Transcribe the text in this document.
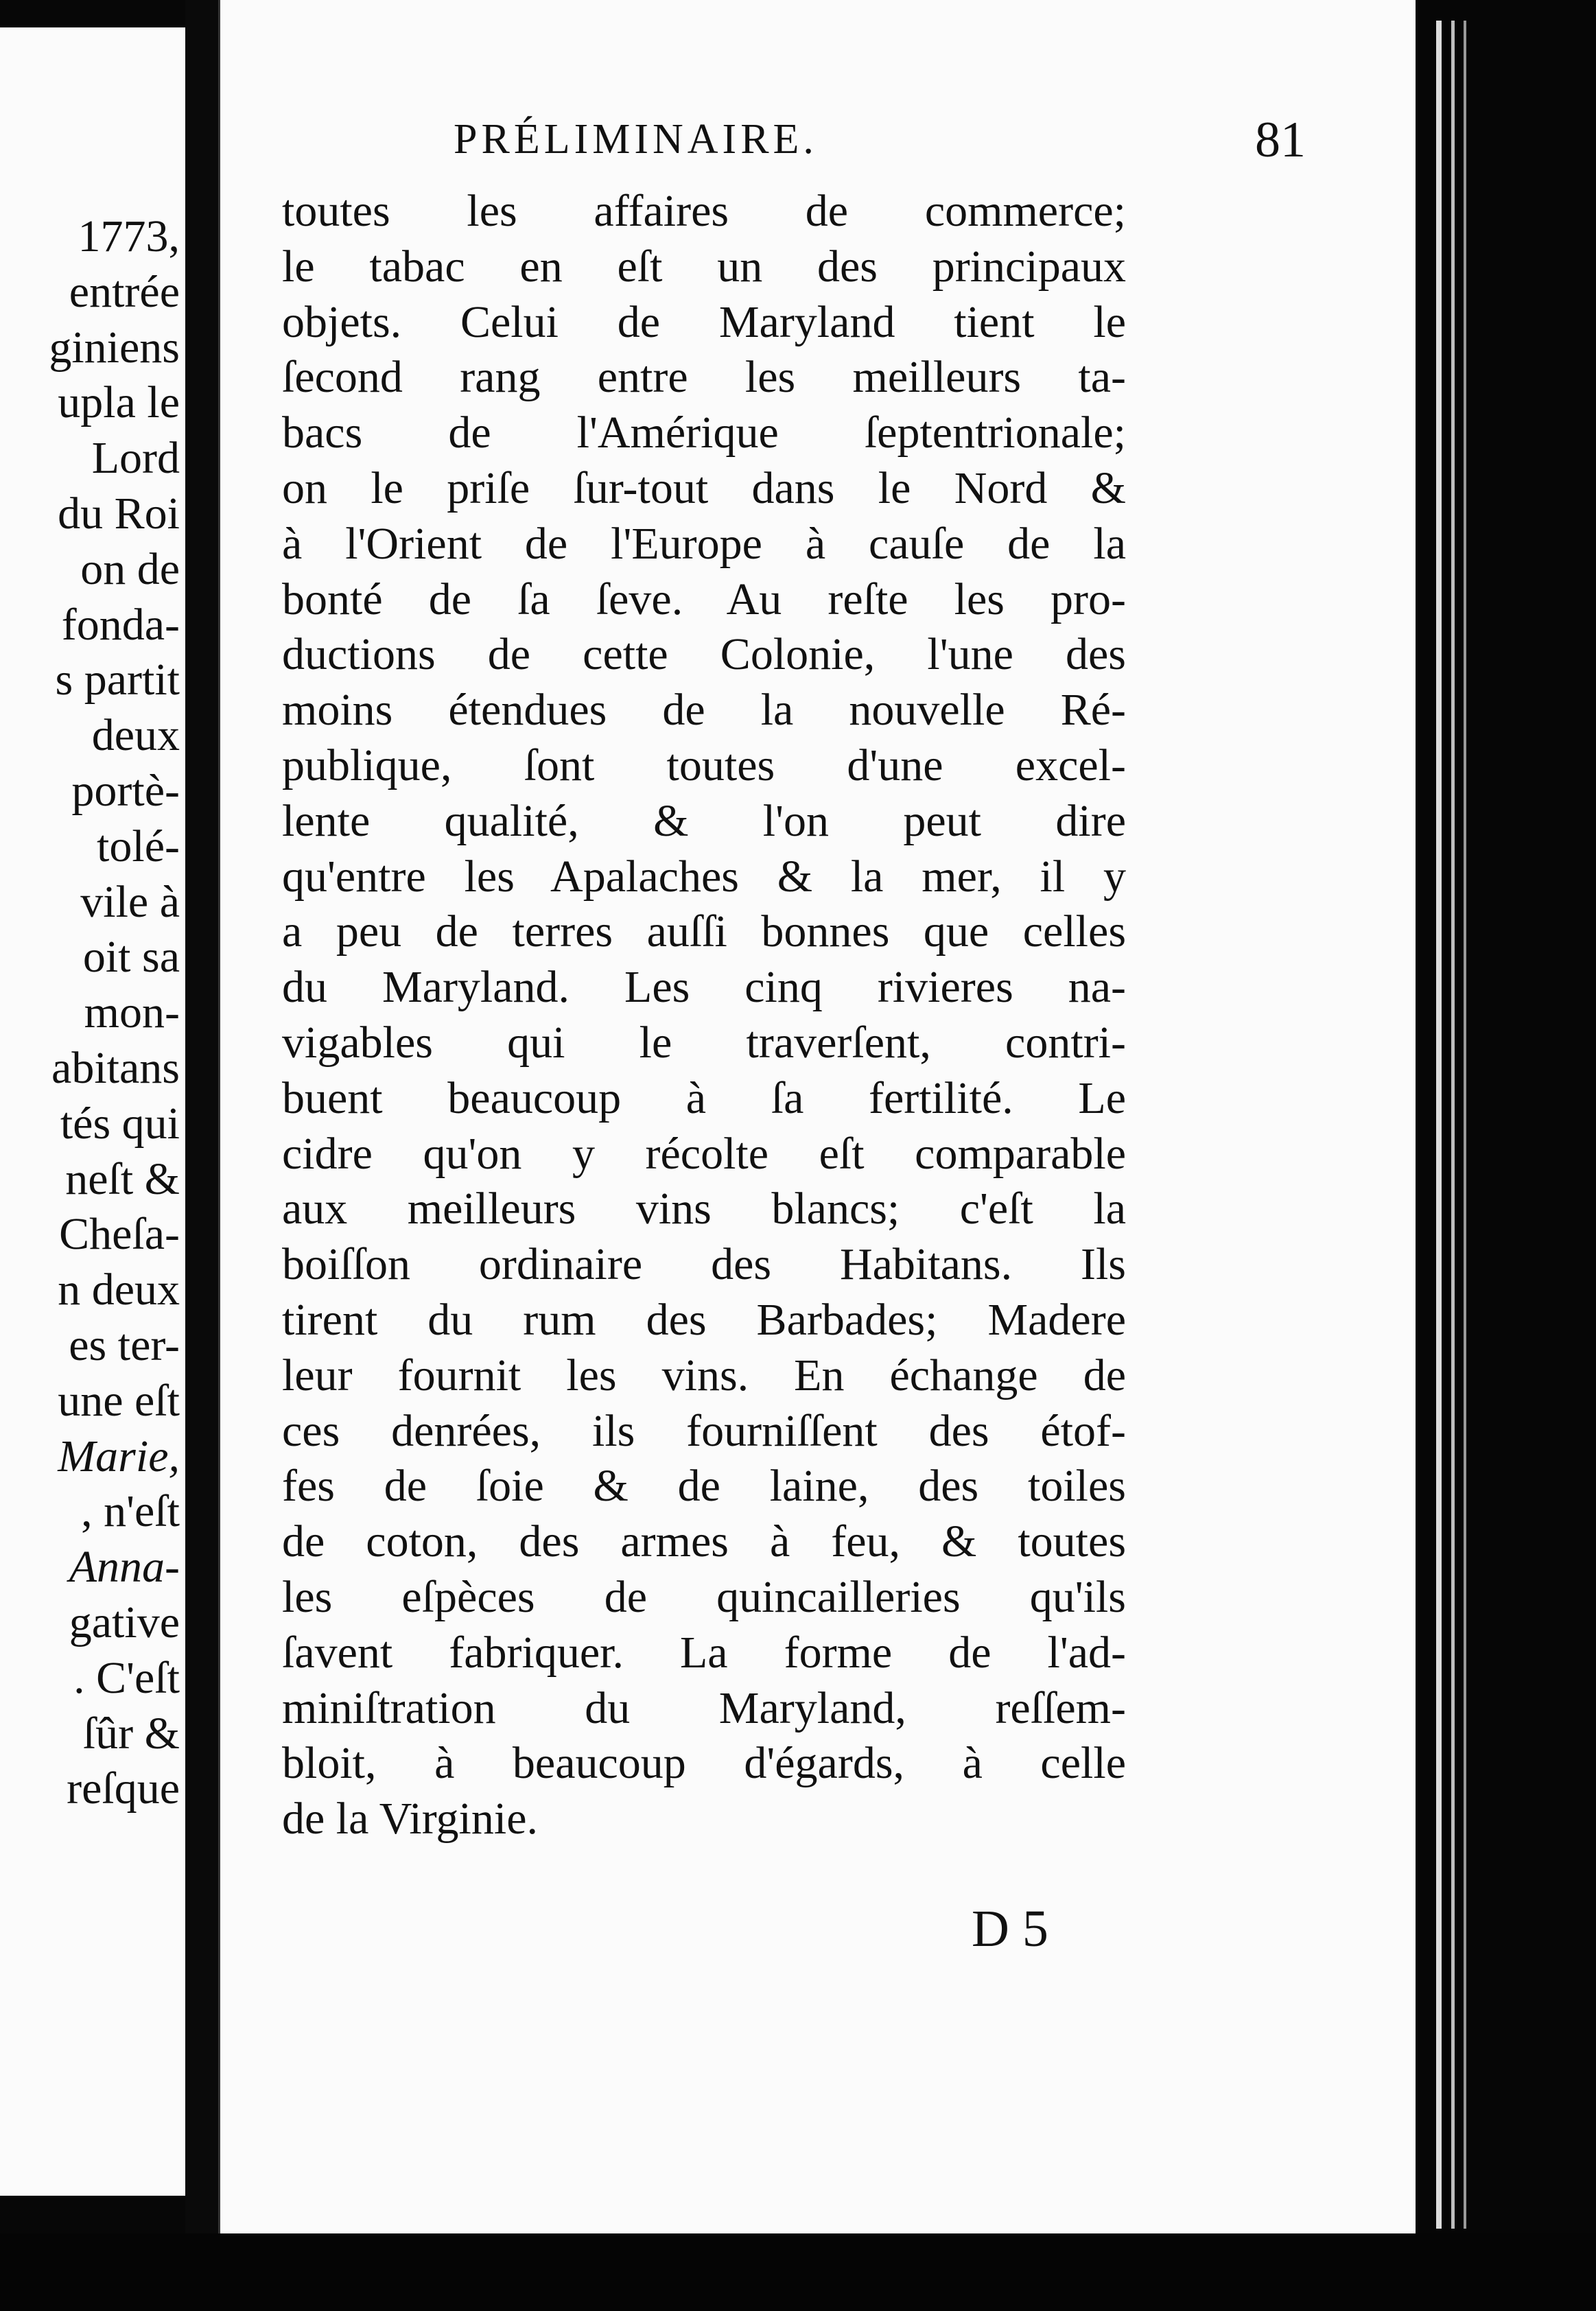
1773,
entrée
giniens
upla le
Lord
du Roi
on de
fonda-
s partit
deux
portè-
tolé-
vile à
oit sa
mon-
abitans
tés qui
neſt &
Cheſa-
n deux
es ter-
une eſt
Marie,
, n'eſt
Anna-
gative
. C'eſt
ſûr &
reſque
PRÉLIMINAIRE.	81
toutes les affaires de commerce;
le tabac en eſt un des principaux
objets. Celui de Maryland tient le
ſecond rang entre les meilleurs ta-
bacs de l'Amérique ſeptentrionale;
on le priſe ſur-tout dans le Nord &
à l'Orient de l'Europe à cauſe de la
bonté de ſa ſeve. Au reſte les pro-
ductions de cette Colonie, l'une des
moins étendues de la nouvelle Ré-
publique, ſont toutes d'une excel-
lente qualité, & l'on peut dire
qu'entre les Apalaches & la mer, il y
a peu de terres auſſi bonnes que celles
du Maryland. Les cinq rivieres na-
vigables qui le traverſent, contri-
buent beaucoup à ſa fertilité. Le
cidre qu'on y récolte eſt comparable
aux meilleurs vins blancs; c'eſt la
boiſſon ordinaire des Habitans. Ils
tirent du rum des Barbades; Madere
leur fournit les vins. En échange de
ces denrées, ils fourniſſent des étof-
fes de ſoie & de laine, des toiles
de coton, des armes à feu, & toutes
les eſpèces de quincailleries qu'ils
ſavent fabriquer. La forme de l'ad-
miniſtration du Maryland, reſſem-
bloit, à beaucoup d'égards, à celle
de la Virginie.
D 5
